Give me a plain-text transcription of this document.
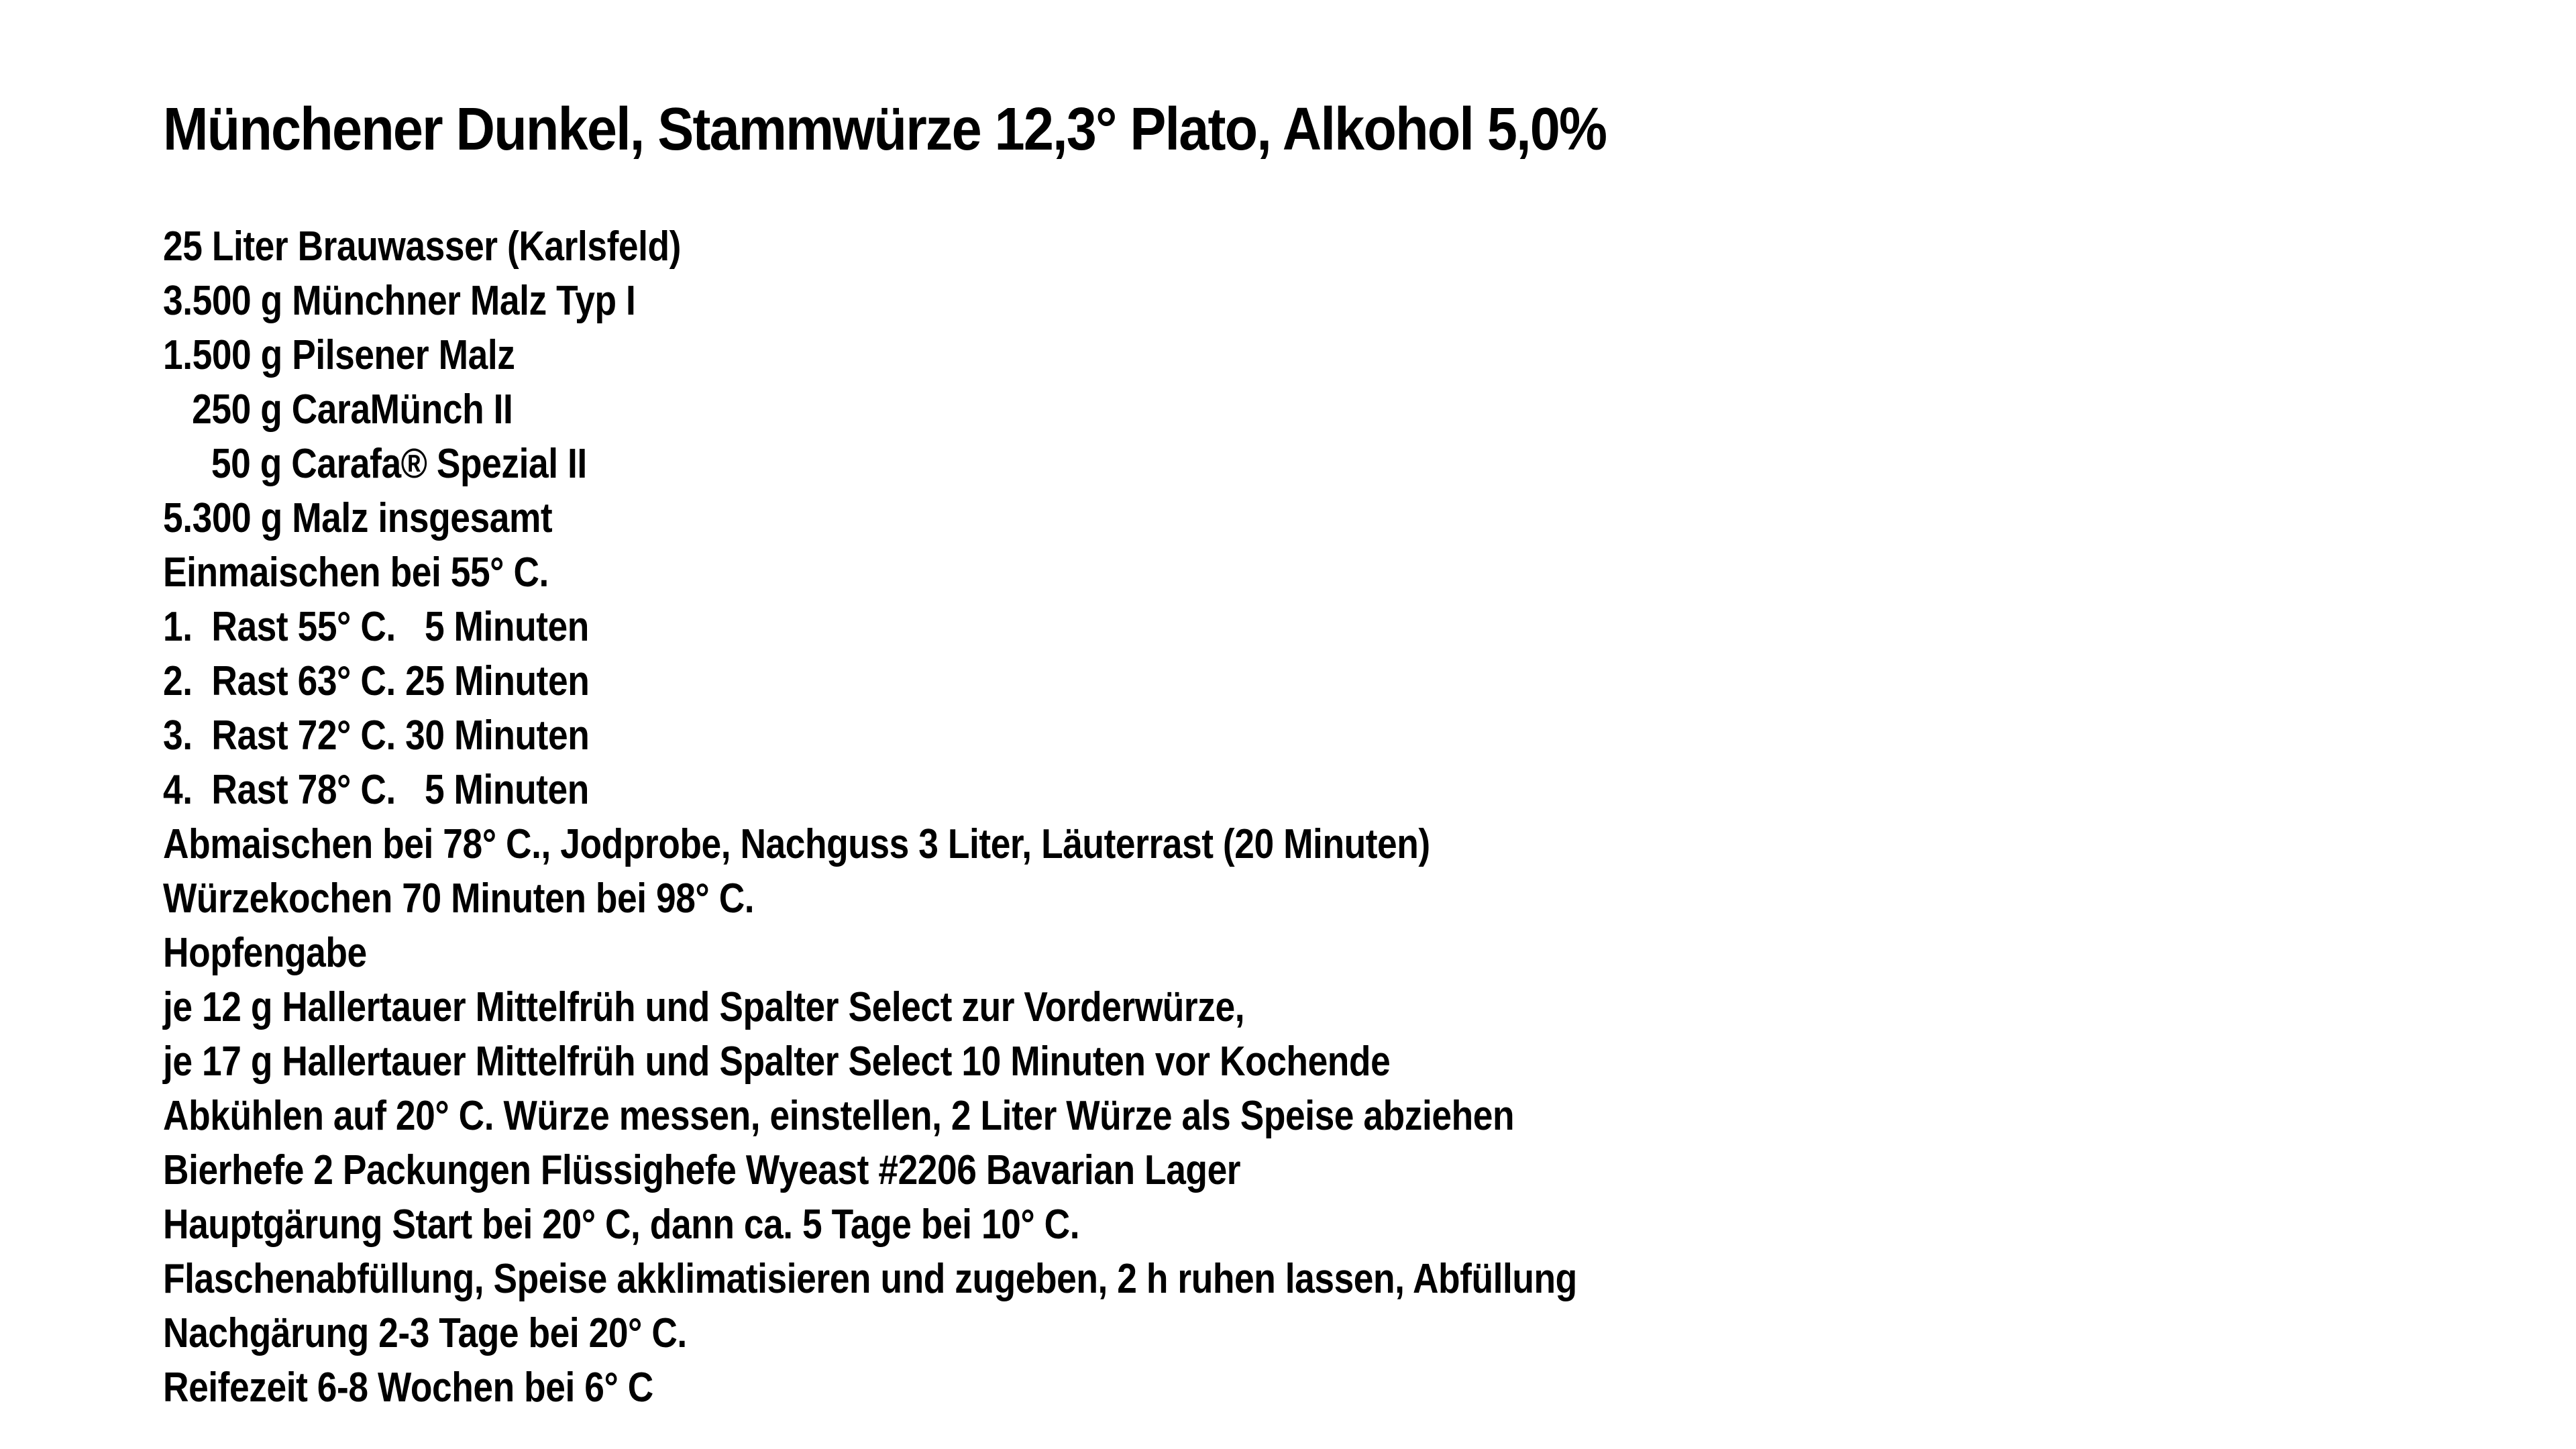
Münchener Dunkel, Stammwürze 12,3° Plato, Alkohol 5,0%
25 Liter Brauwasser (Karlsfeld)
3.500 g Münchner Malz Typ I
1.500 g Pilsener Malz
250 g CaraMünch II
50 g Carafa® Spezial II
5.300 g Malz insgesamt
Einmaischen bei 55° C.
1.  Rast 55° C.   5 Minuten
2.  Rast 63° C. 25 Minuten
3.  Rast 72° C. 30 Minuten
4.  Rast 78° C.   5 Minuten
Abmaischen bei 78° C., Jodprobe, Nachguss 3 Liter, Läuterrast (20 Minuten)
Würzekochen 70 Minuten bei 98° C.
Hopfengabe
je 12 g Hallertauer Mittelfrüh und Spalter Select zur Vorderwürze,
je 17 g Hallertauer Mittelfrüh und Spalter Select 10 Minuten vor Kochende
Abkühlen auf 20° C. Würze messen, einstellen, 2 Liter Würze als Speise abziehen
Bierhefe 2 Packungen Flüssighefe Wyeast #2206 Bavarian Lager
Hauptgärung Start bei 20° C, dann ca. 5 Tage bei 10° C.
Flaschenabfüllung, Speise akklimatisieren und zugeben, 2 h ruhen lassen, Abfüllung
Nachgärung 2-3 Tage bei 20° C.
Reifezeit 6-8 Wochen bei 6° C
